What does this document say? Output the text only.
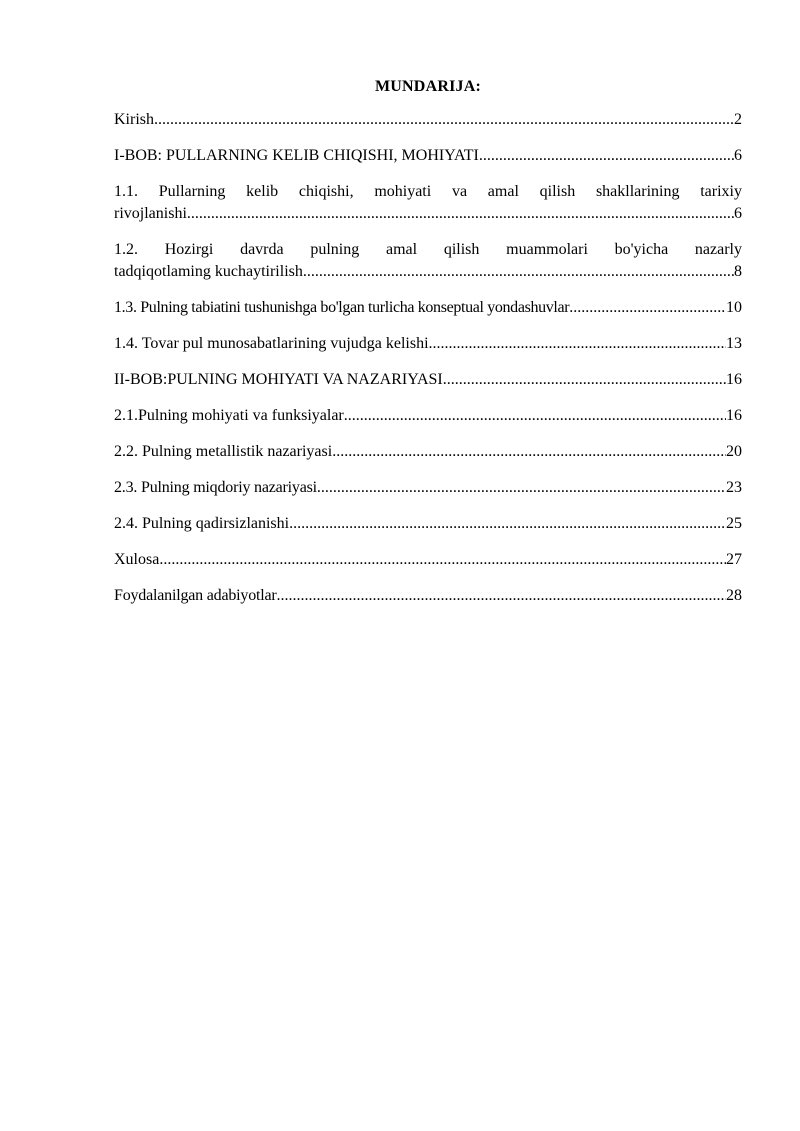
MUNDARIJA:
Kirish .....	2
I-BOB: PULLARNING KELIB CHIQISHI, MOHIYATI .....	6
1.1. Pullarning kelib chiqishi, mohiyati va amal qilish shakllarining tarixiy
rivojlanishi .....	6
1.2. Hozirgi davrda pulning amal qilish muammolari bo'yicha nazarly
tadqiqotlaming kuchaytirilish .....	8
1.3. Pulning tabiatini tushunishga bo'lgan turlicha konseptual yondashuvlar .....	10
1.4. Tovar pul munosabatlarining vujudga kelishi .....	13
II-BOB:PULNING MOHIYATI VA NAZARIYASI .....	16
2.1.Pulning mohiyati va funksiyalar .....	16
2.2. Pulning metallistik nazariyasi .....	20
2.3. Pulning miqdoriy nazariyasi .....	23
2.4. Pulning qadirsizlanishi .....	25
Xulosa .....	27
Foydalanilgan adabiyotlar .....	28
